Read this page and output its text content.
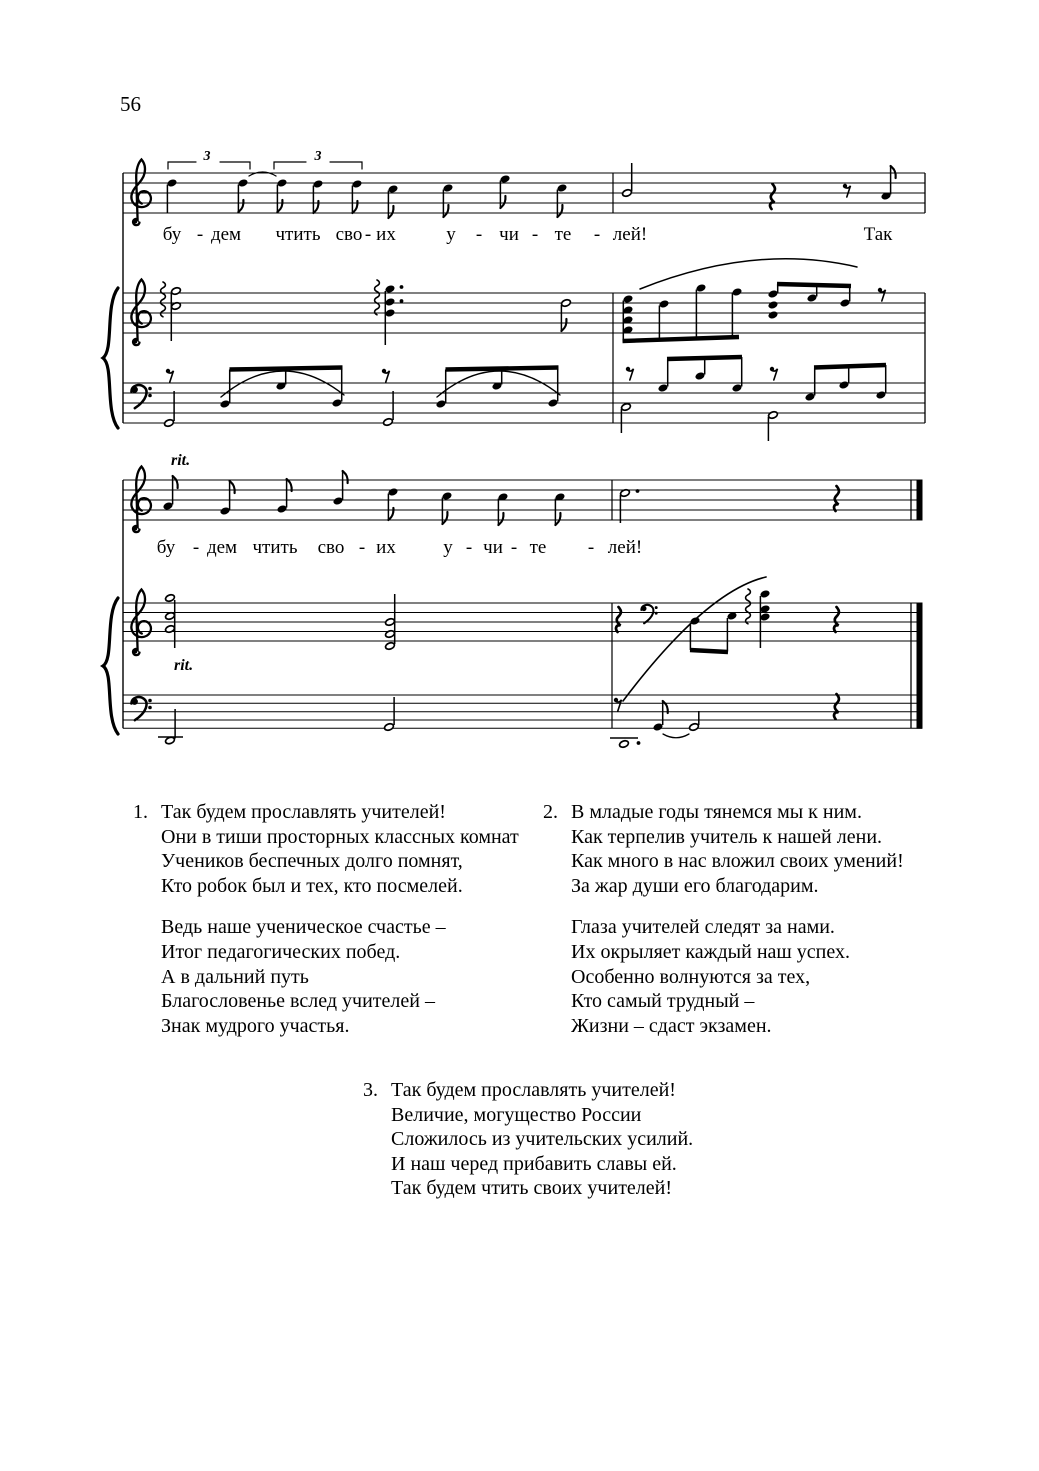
56
3	3
rit.
rit.
бу - дем чтить сво - их	у - чи - те - лей!	Так
бу - дем чтить сво - их у - чи - те - лей!
1. Так будем прославлять учителей!
Они в тиши просторных классных комнат
Учеников беспечных долго помнят,
Кто робок был и тех, кто посмелей.
Ведь наше ученическое счастье –
Итог педагогических побед.
А в дальний путь
Благословенье вслед учителей –
Знак мудрого участья.
2. В младые годы тянемся мы к ним.
Как терпелив учитель к нашей лени.
Как много в нас вложил своих умений!
За жар души его благодарим.
Глаза учителей следят за нами.
Их окрыляет каждый наш успех.
Особенно волнуются за тех,
Кто самый трудный –
Жизни – сдаст экзамен.
3. Так будем прославлять учителей!
Величие, могущество России
Сложилось из учительских усилий.
И наш черед прибавить славы ей.
Так будем чтить своих учителей!
